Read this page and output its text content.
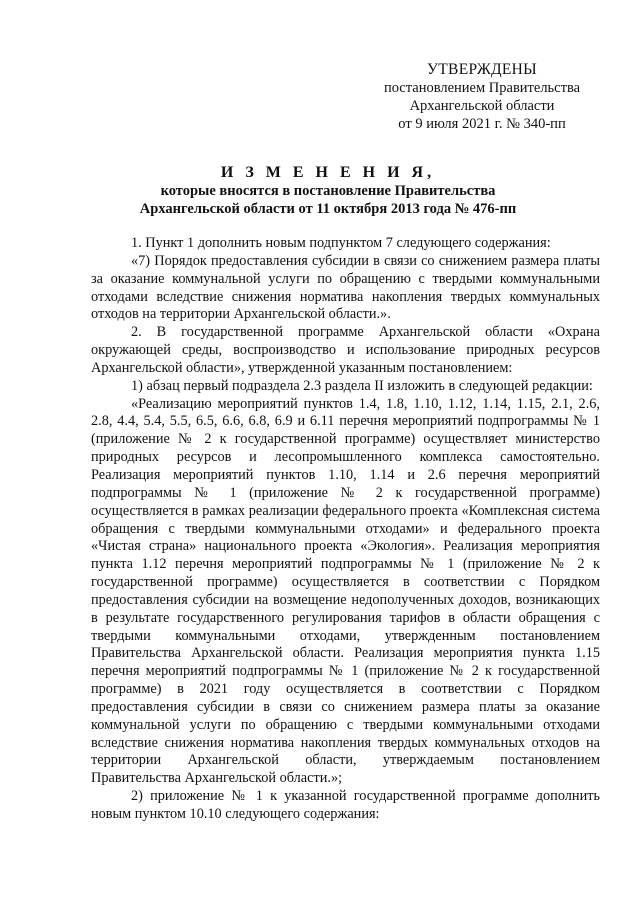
УТВЕРЖДЕНЫ
постановлением Правительства
Архангельской области
от 9 июля 2021 г. № 340-пп
И З М Е Н Е Н И Я,
которые вносятся в постановление Правительства
Архангельской области от 11 октября 2013 года № 476-пп

1. Пункт 1 дополнить новым подпунктом 7 следующего содержания:

«7) Порядок предоставления субсидии в связи со снижением размера платы за оказание коммунальной услуги по обращению с твердыми коммунальными отходами вследствие снижения норматива накопления твердых коммунальных отходов на территории Архангельской области.».

2. В государственной программе Архангельской области «Охрана окружающей среды, воспроизводство и использование природных ресурсов Архангельской области», утвержденной указанным постановлением:

1) абзац первый подраздела 2.3 раздела II изложить в следующей редакции:

«Реализацию мероприятий пунктов 1.4, 1.8, 1.10, 1.12, 1.14, 1.15, 2.1, 2.6, 2.8, 4.4, 5.4, 5.5, 6.5, 6.6, 6.8, 6.9 и 6.11 перечня мероприятий подпрограммы № 1 (приложение № 2 к государственной программе) осуществляет министерство природных ресурсов и лесопромышленного комплекса самостоятельно. Реализация мероприятий пунктов 1.10, 1.14 и 2.6 перечня мероприятий подпрограммы № 1 (приложение № 2 к государственной программе) осуществляется в рамках реализации федерального проекта «Комплексная система обращения с твердыми коммунальными отходами» и федерального проекта «Чистая страна» национального проекта «Экология». Реализация мероприятия пункта 1.12 перечня мероприятий подпрограммы № 1 (приложение № 2 к государственной программе) осуществляется в соответствии с Порядком предоставления субсидии на возмещение недополученных доходов, возникающих в результате государственного регулирования тарифов в области обращения с твердыми коммунальными отходами, утвержденным постановлением Правительства Архангельской области. Реализация мероприятия пункта 1.15 перечня мероприятий подпрограммы № 1 (приложение № 2 к государственной программе) в 2021 году осуществляется в соответствии с Порядком предоставления субсидии в связи со снижением размера платы за оказание коммунальной услуги по обращению с твердыми коммунальными отходами вследствие снижения норматива накопления твердых коммунальных отходов на территории Архангельской области, утверждаемым постановлением Правительства Архангельской области.»;

2) приложение № 1 к указанной государственной программе дополнить новым пунктом 10.10 следующего содержания:
